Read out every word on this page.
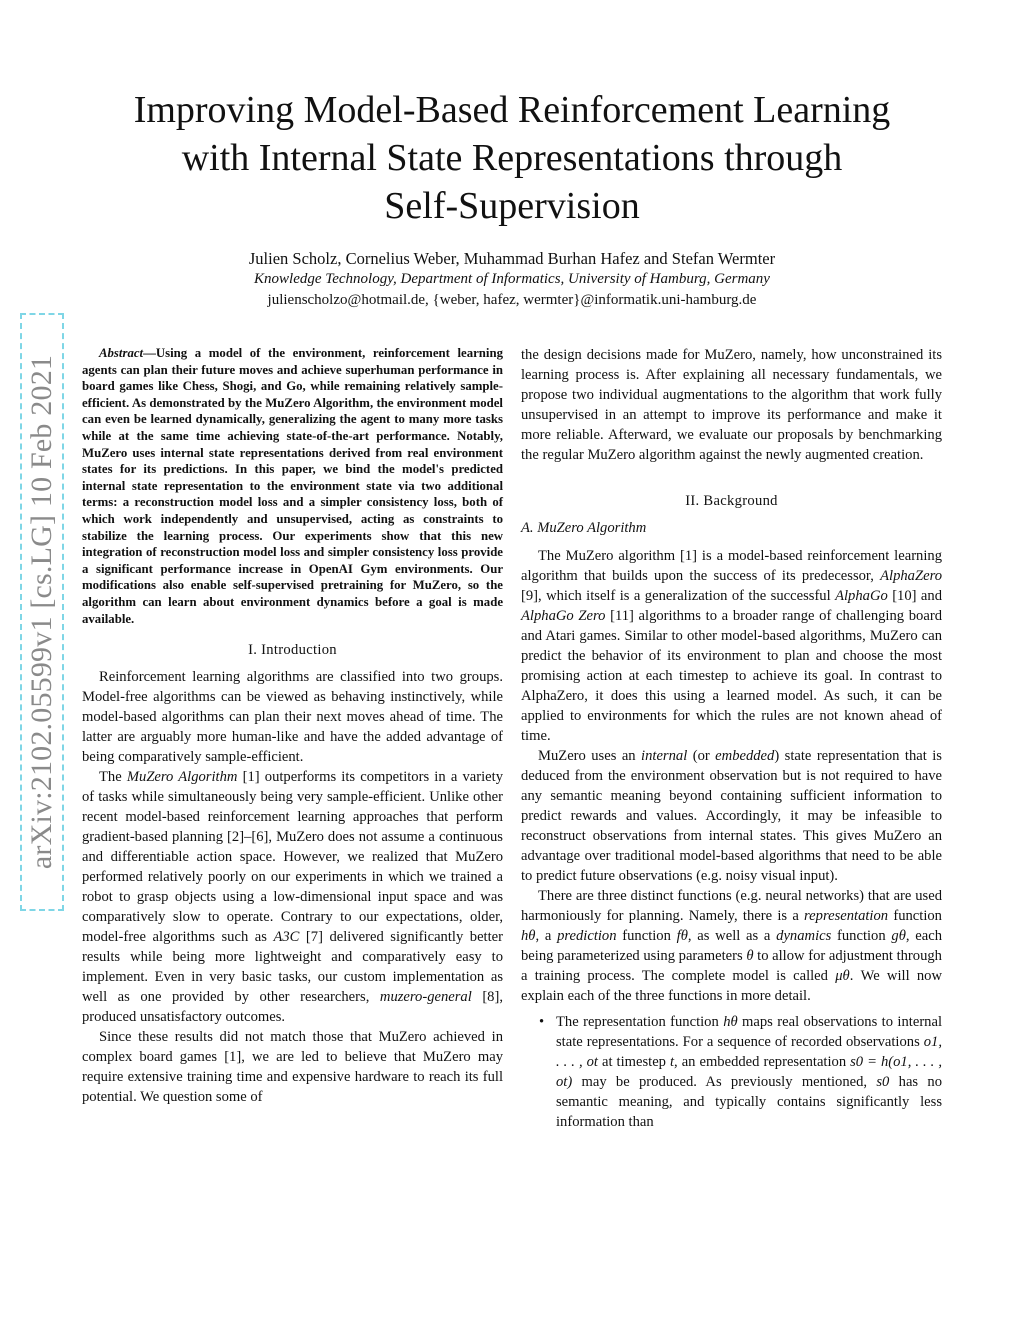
arXiv:2102.05599v1 [cs.LG] 10 Feb 2021
Improving Model-Based Reinforcement Learning
with Internal State Representations through
Self-Supervision
Julien Scholz, Cornelius Weber, Muhammad Burhan Hafez and Stefan Wermter
Knowledge Technology, Department of Informatics, University of Hamburg, Germany
julienscholzo@hotmail.de, {weber, hafez, wermter}@informatik.uni-hamburg.de

Abstract—Using a model of the environment, reinforcement learning agents can plan their future moves and achieve superhuman performance in board games like Chess, Shogi, and Go, while remaining relatively sample-efficient. As demonstrated by the MuZero Algorithm, the environment model can even be learned dynamically, generalizing the agent to many more tasks while at the same time achieving state-of-the-art performance. Notably, MuZero uses internal state representations derived from real environment states for its predictions. In this paper, we bind the model's predicted internal state representation to the environment state via two additional terms: a reconstruction model loss and a simpler consistency loss, both of which work independently and unsupervised, acting as constraints to stabilize the learning process. Our experiments show that this new integration of reconstruction model loss and simpler consistency loss provide a significant performance increase in OpenAI Gym environments. Our modifications also enable self-supervised pretraining for MuZero, so the algorithm can learn about environment dynamics before a goal is made available.

I. Introduction

Reinforcement learning algorithms are classified into two groups. Model-free algorithms can be viewed as behaving instinctively, while model-based algorithms can plan their next moves ahead of time. The latter are arguably more human-like and have the added advantage of being comparatively sample-efficient.

The MuZero Algorithm [1] outperforms its competitors in a variety of tasks while simultaneously being very sample-efficient. Unlike other recent model-based reinforcement learning approaches that perform gradient-based planning [2]–[6], MuZero does not assume a continuous and differentiable action space. However, we realized that MuZero performed relatively poorly on our experiments in which we trained a robot to grasp objects using a low-dimensional input space and was comparatively slow to operate. Contrary to our expectations, older, model-free algorithms such as A3C [7] delivered significantly better results while being more lightweight and comparatively easy to implement. Even in very basic tasks, our custom implementation as well as one provided by other researchers, muzero-general [8], produced unsatisfactory outcomes.

Since these results did not match those that MuZero achieved in complex board games [1], we are led to believe that MuZero may require extensive training time and expensive hardware to reach its full potential. We question some of

the design decisions made for MuZero, namely, how unconstrained its learning process is. After explaining all necessary fundamentals, we propose two individual augmentations to the algorithm that work fully unsupervised in an attempt to improve its performance and make it more reliable. Afterward, we evaluate our proposals by benchmarking the regular MuZero algorithm against the newly augmented creation.

II. Background
A. MuZero Algorithm

The MuZero algorithm [1] is a model-based reinforcement learning algorithm that builds upon the success of its predecessor, AlphaZero [9], which itself is a generalization of the successful AlphaGo [10] and AlphaGo Zero [11] algorithms to a broader range of challenging board and Atari games. Similar to other model-based algorithms, MuZero can predict the behavior of its environment to plan and choose the most promising action at each timestep to achieve its goal. In contrast to AlphaZero, it does this using a learned model. As such, it can be applied to environments for which the rules are not known ahead of time.

MuZero uses an internal (or embedded) state representation that is deduced from the environment observation but is not required to have any semantic meaning beyond containing sufficient information to predict rewards and values. Accordingly, it may be infeasible to reconstruct observations from internal states. This gives MuZero an advantage over traditional model-based algorithms that need to be able to predict future observations (e.g. noisy visual input).

There are three distinct functions (e.g. neural networks) that are used harmoniously for planning. Namely, there is a representation function hθ, a prediction function fθ, as well as a dynamics function gθ, each being parameterized using parameters θ to allow for adjustment through a training process. The complete model is called μθ. We will now explain each of the three functions in more detail.

• The representation function hθ maps real observations to internal state representations. For a sequence of recorded observations o1, . . . , ot at timestep t, an embedded representation s0 = h(o1, . . . , ot) may be produced. As previously mentioned, s0 has no semantic meaning, and typically contains significantly less information than
